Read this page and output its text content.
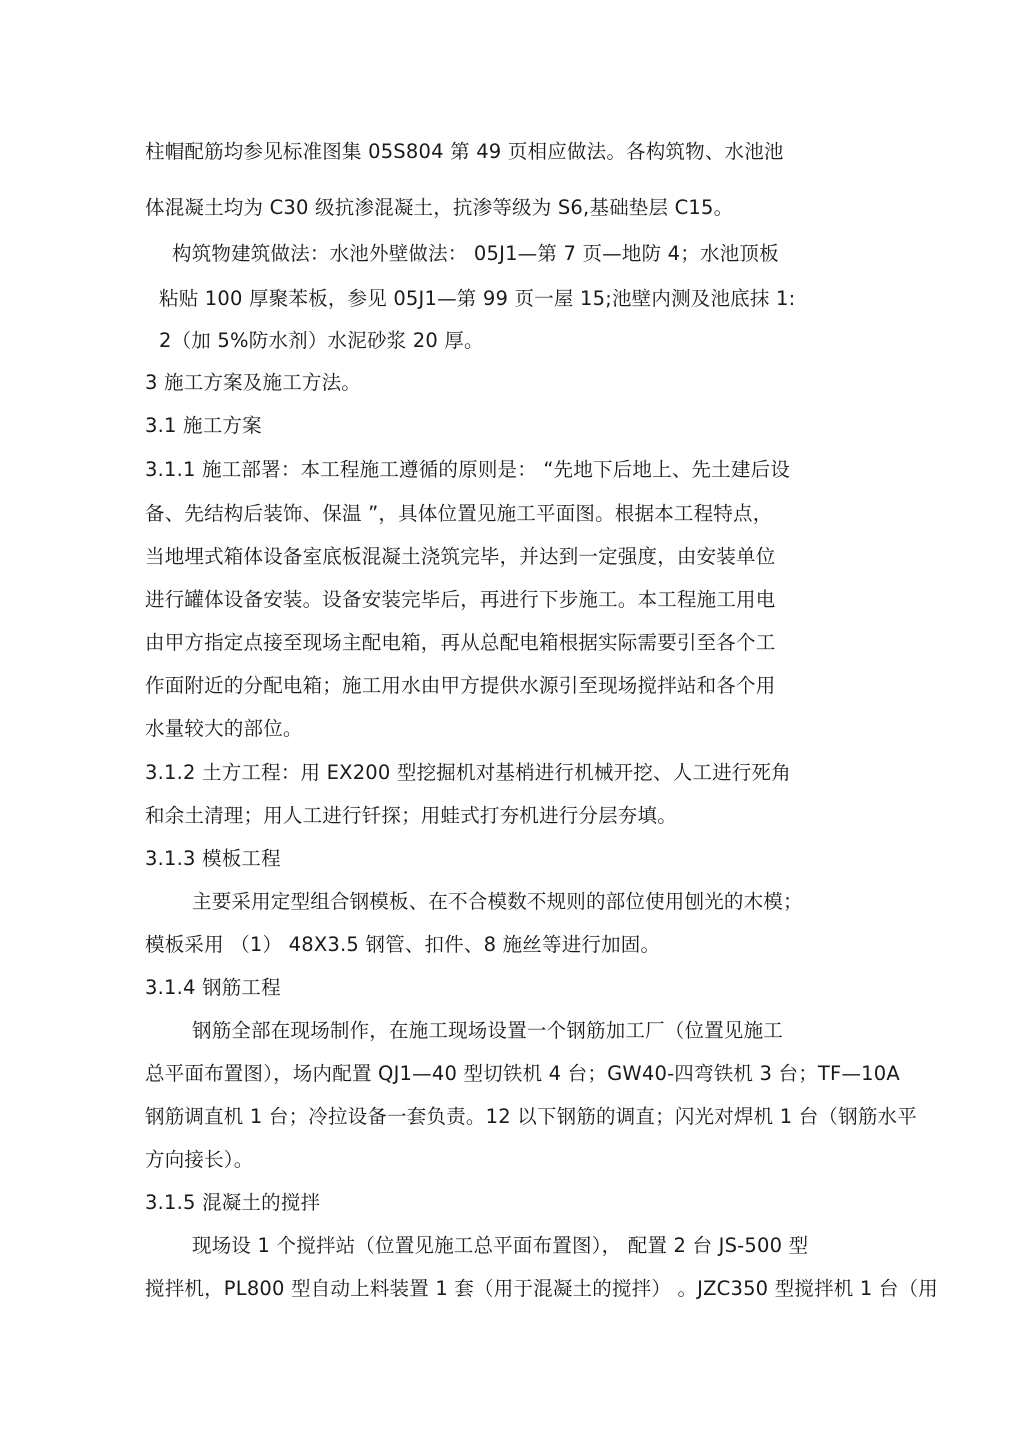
柱帽配筋均参见标准图集 05S804 第 49 页相应做法。各构筑物、水池池
体混凝土均为 C30 级抗渗混凝土，抗渗等级为 S6,基础垫层 C15。
构筑物建筑做法：水池外壁做法： 05J1—第 7 页—地防 4；水池顶板
粘贴 100 厚聚苯板，参见 05J1—第 99 页一屋 15;池壁内测及池底抹 1:
2（加 5%防水剂）水泥砂浆 20 厚。
3 施工方案及施工方法。
3.1 施工方案
3.1.1 施工部署：本工程施工遵循的原则是： “先地下后地上、先土建后设
备、先结构后装饰、保温 ”，具体位置见施工平面图。根据本工程特点，
当地埋式箱体设备室底板混凝土浇筑完毕，并达到一定强度，由安装单位
进行罐体设备安装。设备安装完毕后，再进行下步施工。本工程施工用电
由甲方指定点接至现场主配电箱，再从总配电箱根据实际需要引至各个工
作面附近的分配电箱；施工用水由甲方提供水源引至现场搅拌站和各个用
水量较大的部位。
3.1.2 土方工程：用 EX200 型挖掘机对基梢进行机械开挖、人工进行死角
和余土清理；用人工进行钎探；用蛙式打夯机进行分层夯填。
3.1.3 模板工程
主要采用定型组合钢模板、在不合模数不规则的部位使用刨光的木模；
模板采用 （1） 48X3.5 钢管、扣件、8 施丝等进行加固。
3.1.4 钢筋工程
钢筋全部在现场制作，在施工现场设置一个钢筋加工厂（位置见施工
总平面布置图），场内配置 QJ1—40 型切铁机 4 台；GW40-四弯铁机 3 台；TF—10A
钢筋调直机 1 台；冷拉设备一套负责。12 以下钢筋的调直；闪光对焊机 1 台（钢筋水平
方向接长）。
3.1.5 混凝土的搅拌
现场设 1 个搅拌站（位置见施工总平面布置图）， 配置 2 台 JS-500 型
搅拌机，PL800 型自动上料装置 1 套（用于混凝土的搅拌） 。JZC350 型搅拌机 1 台（用
